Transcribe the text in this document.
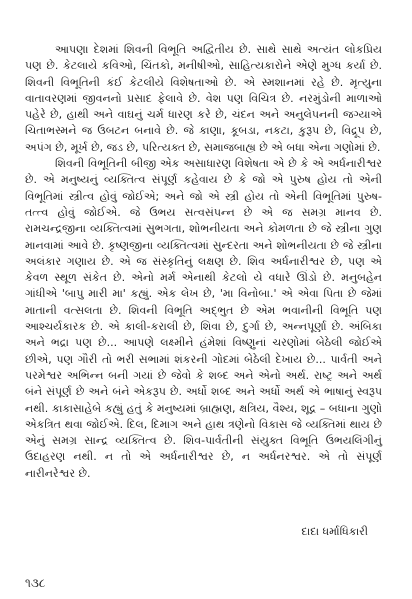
આપણા દેશમાં શિવની વિભૂતિ અદ્વિતીય છે. સાથે સાથે અત્યંત લોકપ્રિય પણ છે. કેટલાયે કવિઓ, ચિંતકો, મનીષીઓ, સાહિત્યકારોને એણે મુગ્ધ કર્યા છે. શિવની વિભૂતિની કંઈ કેટલીયે વિશેષતાઓ છે. એ સ્મશાનમાં રહે છે. મૃત્યુના વાતાવરણમાં જીવનનો પ્રસાદ ફેલાવે છે. વેશ પણ વિચિત્ર છે. નરમુંડોની માળાઓ પહેરે છે, હાથી અને વાઘનું ચર્મ ધારણ કરે છે, ચંદન અને અનુલેપનની જગ્યાએ ચિતાભસ્મને જ ઉબટન બનાવે છે. જે કાણા, કૂબડા, નકટા, કુરૂપ છે, વિદ્રૂપ છે, અપંગ છે, મૂર્ખ છે, જડ છે, પરિત્યક્ત છે, સમાજબાહ્ય છે એ બધા એના ગણોમાં છે.

શિવની વિભૂતિની બીજી એક અસાધારણ વિશેષતા એ છે કે એ અર્ધનારીશ્વર છે. એ મનુષ્યનું વ્યક્તિત્વ સંપૂર્ણ કહેવાય છે કે જો એ પુરુષ હોય તો એની વિભૂતિમાં સ્ત્રીત્વ હોવું જોઈએ; અને જો એ સ્ત્રી હોય તો એની વિભૂતિમાં પુરુષ-તત્ત્વ હોવું જોઈએ. જે ઉભય સત્વસંપન્ન છે એ જ સમગ્ર માનવ છે. રામચન્દ્રજીના વ્યક્તિત્વમાં સુભગતા, શોભનીયતા અને કોમળતા છે જે સ્ત્રીના ગુણ માનવામાં આવે છે. કૃષ્ણજીના વ્યક્તિત્વમાં સુન્દરતા અને શોભનીયતા છે જે સ્ત્રીના અલંકાર ગણાય છે. એ જ સંસ્કૃતિનું લક્ષણ છે. શિવ અર્ધનારીશ્વર છે, પણ એ કેવળ સ્થૂળ સંકેત છે. એનો મર્મ એનાથી કેટલો યે વધારે ઊંડો છે. મનુબહેન ગાંધીએ 'બાપુ મારી મા' કહ્યું. એક લેખ છે, 'મા વિનોબા.' એ એવા પિતા છે જેમાં માતાની વત્સલતા છે. શિવની વિભૂતિ અદ્ભુત છે એમ ભવાનીની વિભૂતિ પણ આશ્ચર્યકારક છે. એ કાલી-કરાલી છે, શિવા છે, દુર્ગા છે, અન્નપૂર્ણા છે. અંબિકા અને ભદ્રા પણ છે... આપણે લક્ષ્મીને હંમેશાં વિષ્ણુનાં ચરણોમાં બેઠેલી જોઈએ છીએ, પણ ગૌરી તો ભરી સભામાં શંકરની ગોદમાં બેઠેલી દેખાય છે... પાર્વતી અને પરમેશ્વર અભિન્ન બની ગયાં છે જેવો કે શબ્દ અને એનો અર્થ. રાષ્ટ્ર અને અર્થ બંને સંપૂર્ણ છે અને બંને એકરૂપ છે. અર્ધો શબ્દ અને અર્ધો અર્થ એ ભાષાનું સ્વરૂપ નથી. કાકાસાહેબે કહ્યું હતું કે મનુષ્યમાં બ્રાહ્મણ, ક્ષત્રિય, વૈશ્ય, શૂદ્ર – બધાના ગુણો એકત્રિત થવા જોઈએ. દિલ, દિમાગ અને હાથ ત્રણેનો વિકાસ જે વ્યક્તિમાં થાય છે એનું સમગ્ર સાન્દ્ર વ્યક્તિત્વ છે. શિવ-પાર્વતીની સંયુક્ત વિભૂતિ ઉભયલિંગીનું ઉદાહરણ નથી. ન તો એ અર્ધનારીશ્વર છે, ન અર્ધનરશ્વર. એ તો સંપૂર્ણ નારીનરેશ્વર છે.

દાદા ધર્માધિકારી

૧૩૮
